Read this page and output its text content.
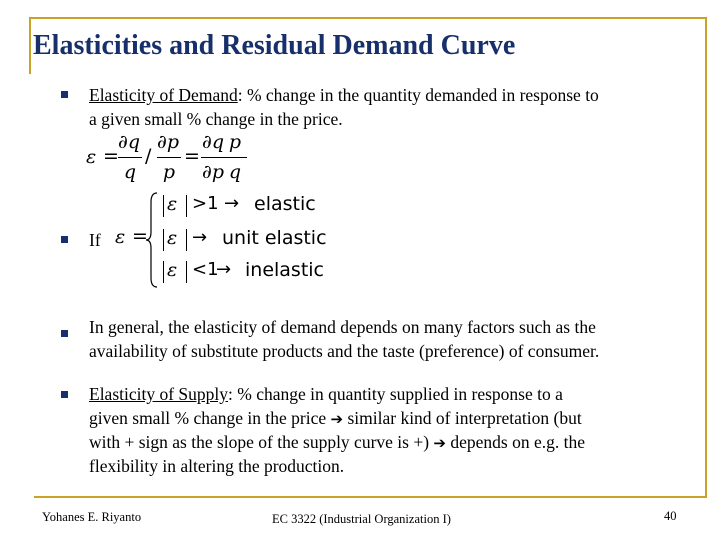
Elasticities and Residual Demand Curve
Elasticity of Demand: % change in the quantity demanded in response to
a given small % change in the price.
ε =
∂q
q
/
∂p
p
=
∂q
∂p
p
q
If ε =
ε >1 → elastic
ε → unit elastic
ε <1
→ inelastic
In general, the elasticity of demand depends on many factors such as the
availability of substitute products and the taste (preference) of consumer.
Elasticity of Supply: % change in quantity supplied in response to a
given small % change in the price ➔ similar kind of interpretation (but
with + sign as the slope of the supply curve is +) ➔ depends on e.g. the
flexibility in altering the production.
Yohanes E. Riyanto	EC 3322 (Industrial Organization I)	40
